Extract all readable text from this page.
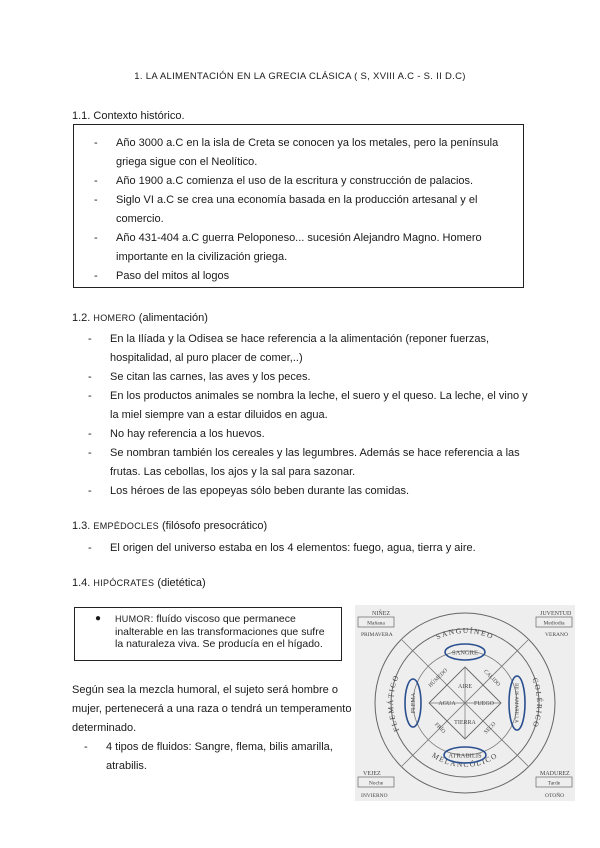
1. LA ALIMENTACIÓN EN LA GRECIA CLÁSICA ( S, XVIII A.C - S. II D.C)
1.1. Contexto histórico.
- Año 3000 a.C en la isla de Creta se conocen ya los metales, pero la península griega sigue con el Neolítico.
- Año 1900 a.C comienza el uso de la escritura y construcción de palacios.
- Siglo VI a.C se crea una economía basada en la producción artesanal y el comercio.
- Año 431-404 a.C guerra Peloponeso... sucesión Alejandro Magno. Homero importante en la civilización griega.
- Paso del mitos al logos
1.2. HOMERO (alimentación)
- En la Ilíada y la Odisea se hace referencia a la alimentación (reponer fuerzas, hospitalidad, al puro placer de comer,..)
- Se citan las carnes, las aves y los peces.
- En los productos animales se nombra la leche, el suero y el queso. La leche, el vino y la miel siempre van a estar diluidos en agua.
- No hay referencia a los huevos.
- Se nombran también los cereales y las legumbres. Además se hace referencia a las frutas. Las cebollas, los ajos y la sal para sazonar.
- Los héroes de las epopeyas sólo beben durante las comidas.
1.3. EMPÉDOCLES (filósofo presocrático)
- El origen del universo estaba en los 4 elementos: fuego, agua, tierra y aire.
1.4. HIPÓCRATES (dietética)
● HUMOR: fluído viscoso que permanece inalterable en las transformaciones que sufre la naturaleza viva. Se producía en el hígado.
Según sea la mezcla humoral, el sujeto será hombre o mujer, pertenecerá a una raza o tendrá un temperamento determinado.
- 4 tipos de fluidos: Sangre, flema, bilis amarilla, atrabilis.
NIÑEZ
Mañana
PRIMAVERA
JUVENTUD
Mediodía
VERANO
VEJEZ
Noche
INVIERNO
MADUREZ
Tarde
OTOÑO
SANGUÍNEO
MELANCÓLICO
FLEMÁTICO	COLÉRICO
SANGRE
ATRABILIS
FLEMA	BILIS AMARILLA
HÚMEDO	CALIDO
FRÍO	SECO
AIRE
AGUA	FUEGO
TIERRA
